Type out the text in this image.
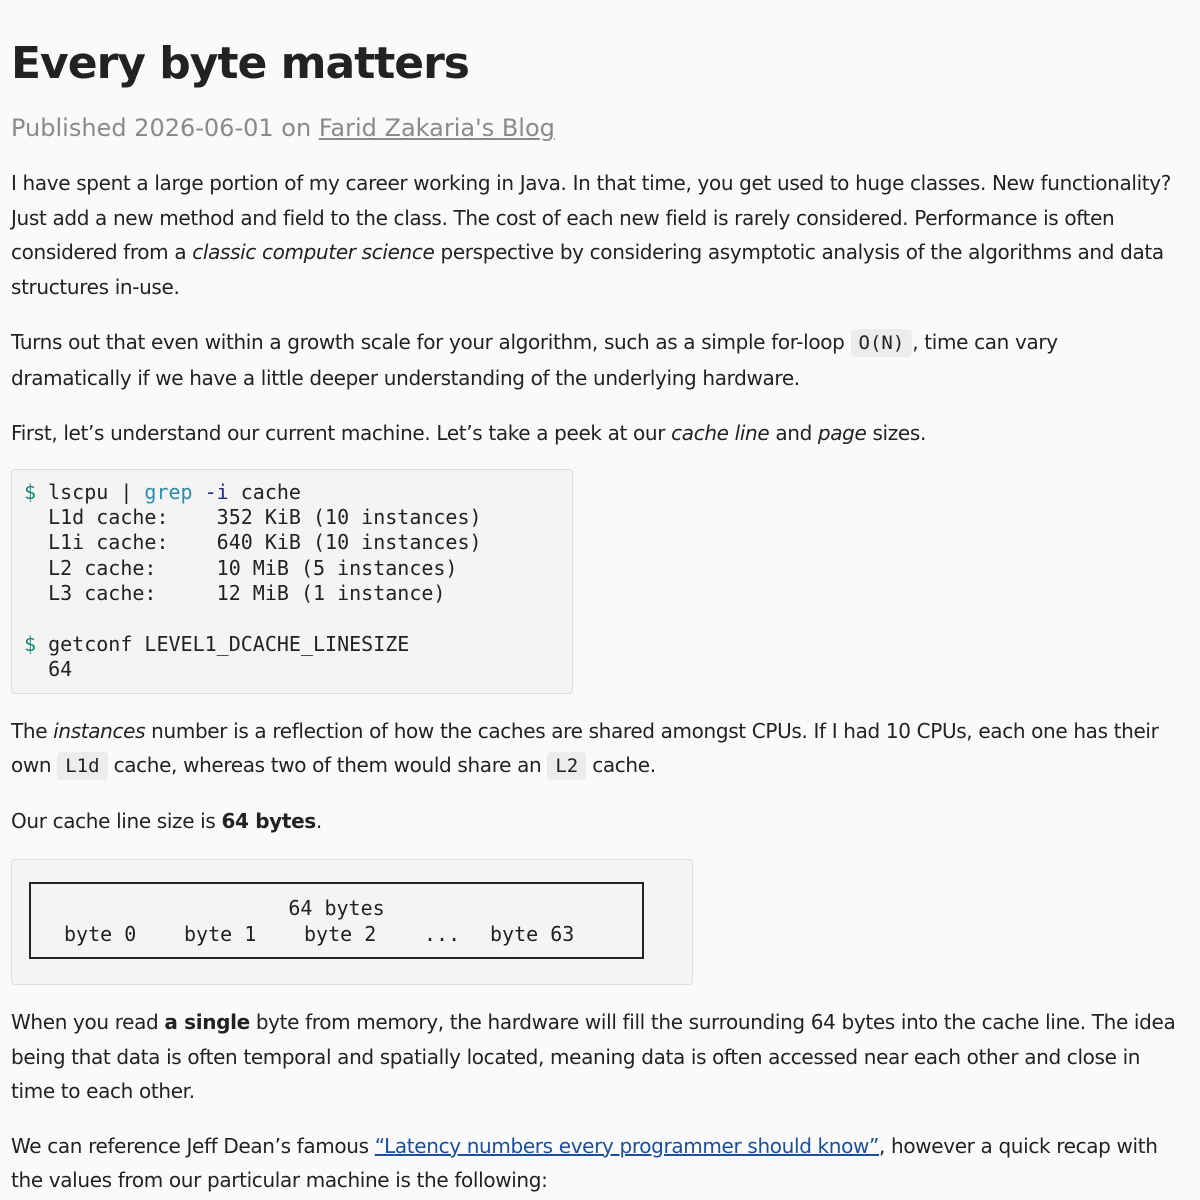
Every byte matters
Published 2026-06-01 on Farid Zakaria's Blog

I have spent a large portion of my career working in Java. In that time, you get used to huge classes. New functionality? Just add a new method and field to the class. The cost of each new field is rarely considered. Performance is often considered from a classic computer science perspective by considering asymptotic analysis of the algorithms and data structures in-use.

Turns out that even within a growth scale for your algorithm, such as a simple for-loop O(N) , time can vary dramatically if we have a little deeper understanding of the underlying hardware.

First, let’s understand our current machine. Let’s take a peek at our cache line and page sizes.

$ lscpu | grep -i cache
L1d cache:    352 KiB (10 instances)
L1i cache:    640 KiB (10 instances)
L2 cache:     10 MiB (5 instances)
L3 cache:     12 MiB (1 instance)

$ getconf LEVEL1_DCACHE_LINESIZE
64

The instances number is a reflection of how the caches are shared amongst CPUs. If I had 10 CPUs, each one has their own L1d cache, whereas two of them would share an L2 cache.

Our cache line size is 64 bytes.

64 bytes
byte 0 byte 1 byte 2 ... byte 63

When you read a single byte from memory, the hardware will fill the surrounding 64 bytes into the cache line. The idea being that data is often temporal and spatially located, meaning data is often accessed near each other and close in time to each other.

We can reference Jeff Dean’s famous “Latency numbers every programmer should know”, however a quick recap with the values from our particular machine is the following:
